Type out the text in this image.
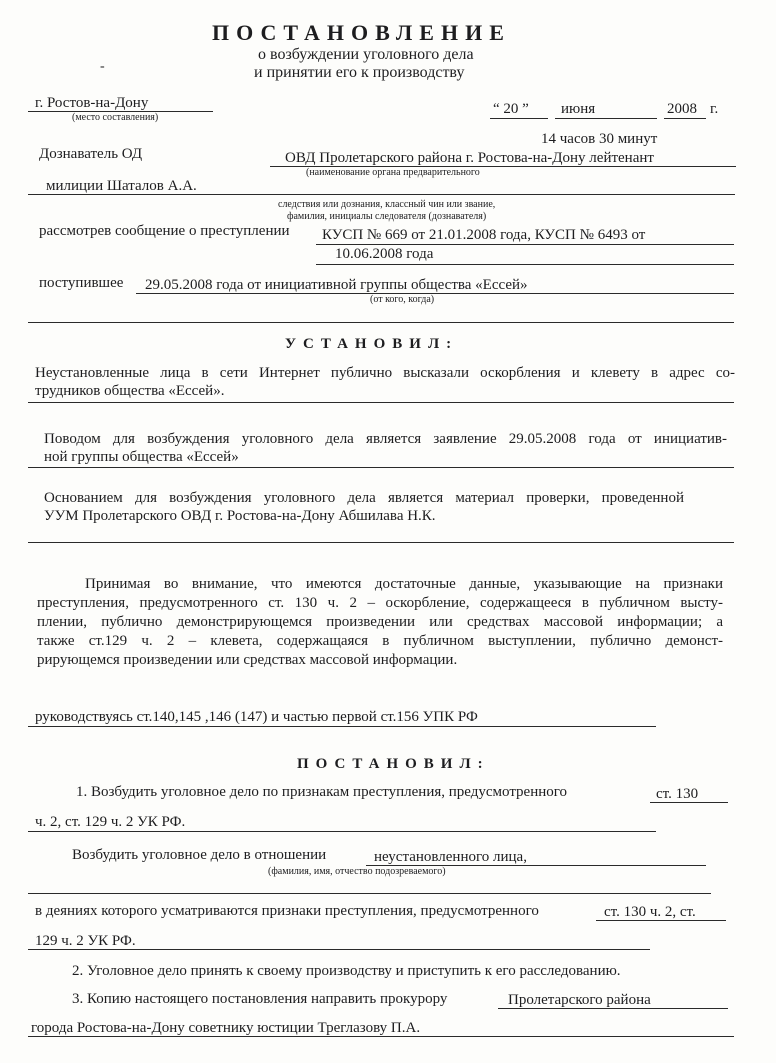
ПОСТАНОВЛЕНИЕ
о возбуждении уголовного дела
и принятии его к производству
-
г. Ростов-на-Дону
(место составления)
“ 20 ” июня	2008 г.
14 часов 30 минут
Дознаватель ОД	ОВД Пролетарского района г. Ростова-на-Дону лейтенант
(наименование органа предварительного
милиции Шаталов А.А.
следствия или дознания, классный чин или звание,
фамилия, инициалы следователя (дознавателя)
рассмотрев сообщение о преступлении КУСП № 669 от 21.01.2008 года, КУСП № 6493 от
10.06.2008 года
поступившее 29.05.2008 года от инициативной группы общества «Ессей»
(от кого, когда)
УСТАНОВИЛ:
Неустановленные лица в сети Интернет публично высказали оскорбления и клевету в адрес со-
трудников общества «Ессей».
Поводом для возбуждения уголовного дела является заявление 29.05.2008 года от инициатив-
ной группы общества «Ессей»
Основанием для возбуждения уголовного дела является материал проверки, проведенной
УУМ Пролетарского ОВД г. Ростова-на-Дону Абшилава Н.К.
Принимая во внимание, что имеются достаточные данные, указывающие на признаки
преступления, предусмотренного ст. 130 ч. 2 – оскорбление, содержащееся в публичном высту-
плении, публично демонстрирующемся произведении или средствах массовой информации; а
также ст.129 ч. 2 – клевета, содержащаяся в публичном выступлении, публично демонст-
рирующемся произведении или средствах массовой информации.
руководствуясь ст.140,145 ,146 (147) и частью первой ст.156 УПК РФ
ПОСТАНОВИЛ:
1. Возбудить уголовное дело по признакам преступления, предусмотренного	ст. 130
ч. 2, ст. 129 ч. 2 УК РФ.
Возбудить уголовное дело в отношении	неустановленного лица,
(фамилия, имя, отчество подозреваемого)
в деяниях которого усматриваются признаки преступления, предусмотренного	ст. 130 ч. 2, ст.
129 ч. 2 УК РФ.
2. Уголовное дело принять к своему производству и приступить к его расследованию.
3. Копию настоящего постановления направить прокурору	Пролетарского района
города Ростова-на-Дону советнику юстиции Треглазову П.А.
